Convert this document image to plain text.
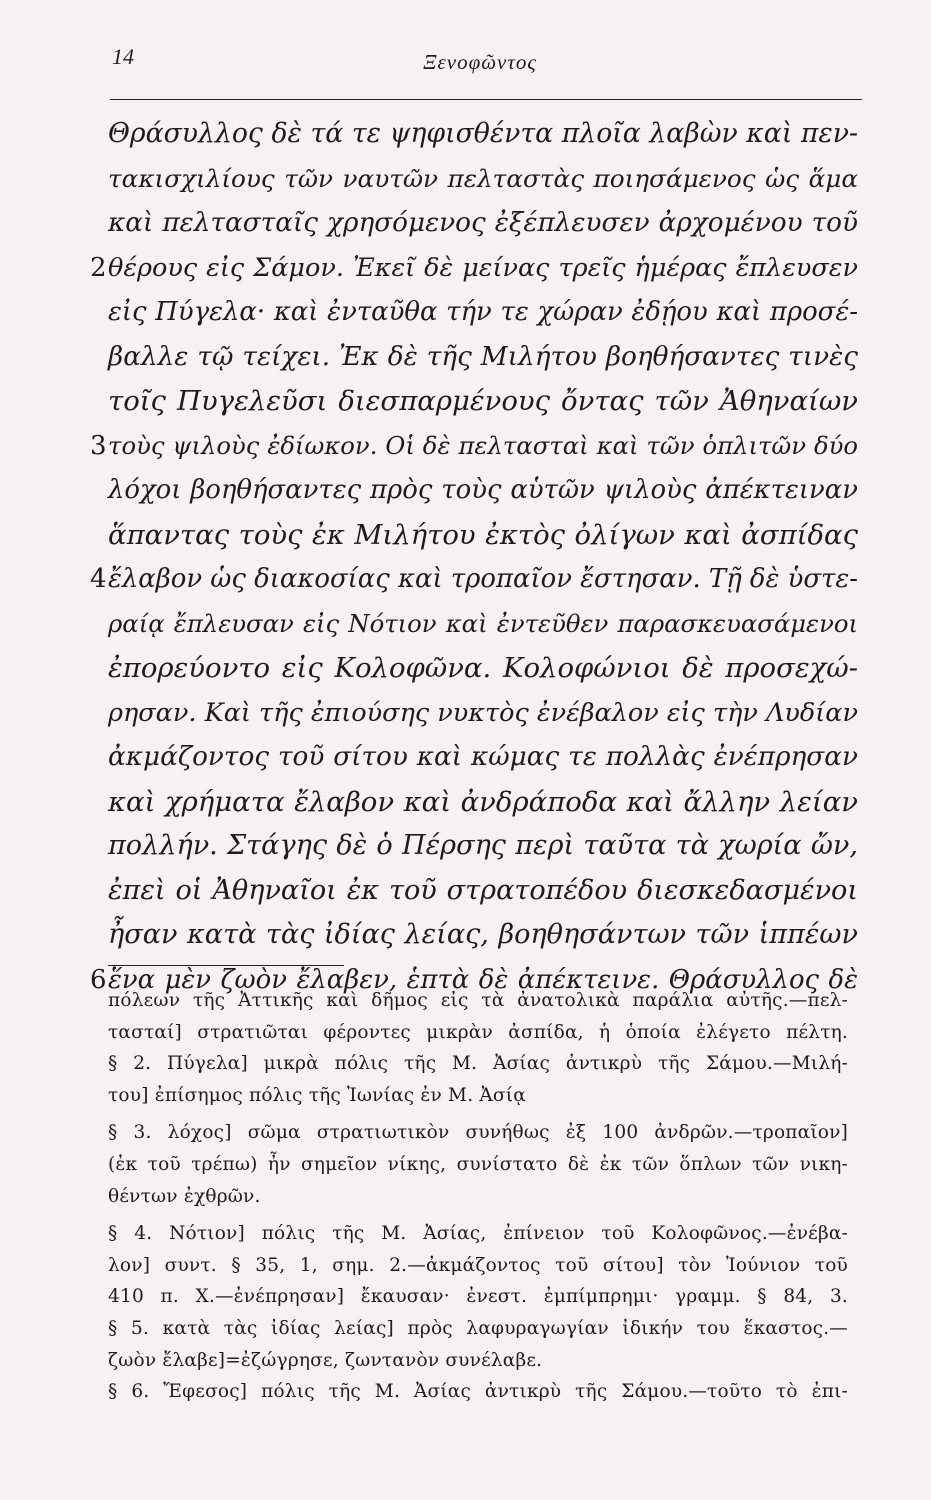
14	Ξενοφῶντος
Θράσυλλος δὲ τά τε ψηφισθέντα πλοῖα λαβὼν καὶ πεν-
τακισχιλίους τῶν ναυτῶν πελταστὰς ποιησάμενος ὡς ἅμα
καὶ πελτασταῖς χρησόμενος ἐξέπλευσεν ἀρχομένου τοῦ
2 θέρους εἰς Σάμον. Ἐκεῖ δὲ μείνας τρεῖς ἡμέρας ἔπλευσεν
εἰς Πύγελα· καὶ ἐνταῦθα τήν τε χώραν ἐδῄου καὶ προσέ-
βαλλε τῷ τείχει. Ἐκ δὲ τῆς Μιλήτου βοηθήσαντες τινὲς
τοῖς Πυγελεῦσι διεσπαρμένους ὄντας τῶν Ἀθηναίων
3 τοὺς ψιλοὺς ἐδίωκον. Οἱ δὲ πελτασταὶ καὶ τῶν ὁπλιτῶν δύο
λόχοι βοηθήσαντες πρὸς τοὺς αὑτῶν ψιλοὺς ἀπέκτειναν
ἅπαντας τοὺς ἐκ Μιλήτου ἐκτὸς ὀλίγων καὶ ἀσπίδας
4 ἔλαβον ὡς διακοσίας καὶ τροπαῖον ἔστησαν. Τῇ δὲ ὑστε-
ραίᾳ ἔπλευσαν εἰς Νότιον καὶ ἐντεῦθεν παρασκευασάμενοι
ἐπορεύοντο εἰς Κολοφῶνα. Κολοφώνιοι δὲ προσεχώ-
ρησαν. Καὶ τῆς ἐπιούσης νυκτὸς ἐνέβαλον εἰς τὴν Λυδίαν
ἀκμάζοντος τοῦ σίτου καὶ κώμας τε πολλὰς ἐνέπρησαν
καὶ χρήματα ἔλαβον καὶ ἀνδράποδα καὶ ἄλλην λείαν
πολλήν. Στάγης δὲ ὁ Πέρσης περὶ ταῦτα τὰ χωρία ὤν,
ἐπεὶ οἱ Ἀθηναῖοι ἐκ τοῦ στρατοπέδου διεσκεδασμένοι
ἦσαν κατὰ τὰς ἰδίας λείας, βοηθησάντων τῶν ἱππέων
6 ἕνα μὲν ζωὸν ἔλαβεν, ἑπτὰ δὲ ἀπέκτεινε. Θράσυλλος δὲ
πόλεων τῆς Ἀττικῆς καὶ δῆμος εἰς τὰ ἀνατολικὰ παράλια αὐτῆς.—πελ-
τασταί] στρατιῶται φέροντες μικρὰν ἀσπίδα, ἡ ὁποία ἐλέγετο πέλτη.
§ 2. Πύγελα] μικρὰ πόλις τῆς Μ. Ἀσίας ἀντικρὺ τῆς Σάμου.—Μιλή-
του] ἐπίσημος πόλις τῆς Ἰωνίας ἐν Μ. Ἀσίᾳ
§ 3. λόχος] σῶμα στρατιωτικὸν συνήθως ἐξ 100 ἀνδρῶν.—τροπαῖον]
(ἐκ τοῦ τρέπω) ἦν σημεῖον νίκης, συνίστατο δὲ ἐκ τῶν ὅπλων τῶν νικη-
θέντων ἐχθρῶν.
§ 4. Νότιον] πόλις τῆς Μ. Ἀσίας, ἐπίνειον τοῦ Κολοφῶνος.—ἐνέβα-
λον] συντ. § 35, 1, σημ. 2.—ἀκμάζοντος τοῦ σίτου] τὸν Ἰούνιον τοῦ
410 π. Χ.—ἐνέπρησαν] ἔκαυσαν· ἐνεστ. ἐμπίμπρημι· γραμμ. § 84, 3.
§ 5. κατὰ τὰς ἰδίας λείας] πρὸς λαφυραγωγίαν ἰδικήν του ἕκαστος.—
ζωὸν ἔλαβε]=ἐζώγρησε, ζωντανὸν συνέλαβε.
§ 6. Ἔφεσος] πόλις τῆς Μ. Ἀσίας ἀντικρὺ τῆς Σάμου.—τοῦτο τὸ ἐπι-
